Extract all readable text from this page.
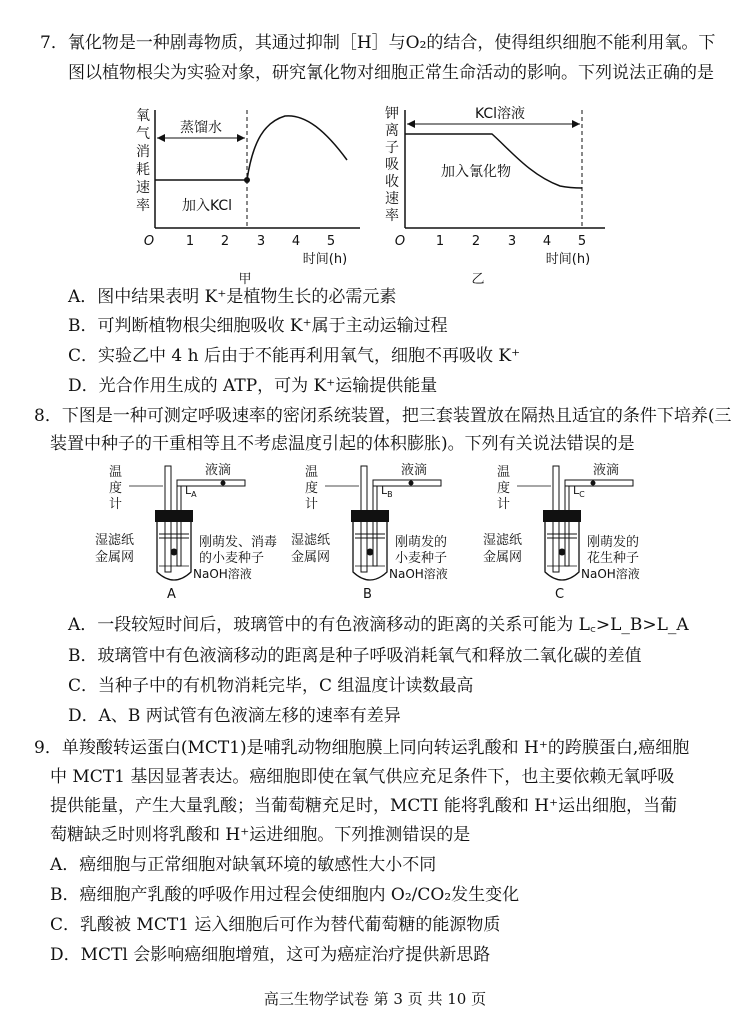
7．氰化物是一种剧毒物质，其通过抑制［H］与O₂的结合，使得组织细胞不能利用氧。下
图以植物根尖为实验对象，研究氰化物对细胞正常生命活动的影响。下列说法正确的是
氧
气
消
耗
速
率
蒸馏水
加入KCl
O 1 2 3 4 5
时间(h)
甲
钾
离
子
吸
收
速
率
KCl溶液
加入氰化物
O 1 2 3 4 5
时间(h)
乙
A．图中结果表明 K⁺是植物生长的必需元素
B．可判断植物根尖细胞吸收 K⁺属于主动运输过程
C．实验乙中 4 h 后由于不能再利用氧气，细胞不再吸收 K⁺
D．光合作用生成的 ATP，可为 K⁺运输提供能量
8．下图是一种可测定呼吸速率的密闭系统装置，把三套装置放在隔热且适宜的条件下培养(三
装置中种子的干重相等且不考虑温度引起的体积膨胀)。下列有关说法错误的是
温
度
计
液滴
$L_A$
湿滤纸
金属网
刚萌发、消毒
的小麦种子
NaOH溶液
A
温
度
计
液滴
$L_B$
湿滤纸
金属网
刚萌发的
小麦种子
NaOH溶液
B
温
度
计
液滴
$L_C$
湿滤纸
金属网
刚萌发的
花生种子
NaOH溶液
C
A．一段较短时间后，玻璃管中的有色液滴移动的距离的关系可能为 L꜀>L_B>L_A
B．玻璃管中有色液滴移动的距离是种子呼吸消耗氧气和释放二氧化碳的差值
C．当种子中的有机物消耗完毕，C 组温度计读数最高
D．A、B 两试管有色液滴左移的速率有差异
9．单羧酸转运蛋白(MCT1)是哺乳动物细胞膜上同向转运乳酸和 H⁺的跨膜蛋白,癌细胞
中 MCT1 基因显著表达。癌细胞即使在氧气供应充足条件下，也主要依赖无氧呼吸
提供能量，产生大量乳酸；当葡萄糖充足时，MCTI 能将乳酸和 H⁺运出细胞，当葡
萄糖缺乏时则将乳酸和 H⁺运进细胞。下列推测错误的是
A．癌细胞与正常细胞对缺氧环境的敏感性大小不同
B．癌细胞产乳酸的呼吸作用过程会使细胞内 O₂/CO₂发生变化
C．乳酸被 MCT1 运入细胞后可作为替代葡萄糖的能源物质
D．MCTl 会影响癌细胞增殖，这可为癌症治疗提供新思路
高三生物学试卷 第 3 页 共 10 页
